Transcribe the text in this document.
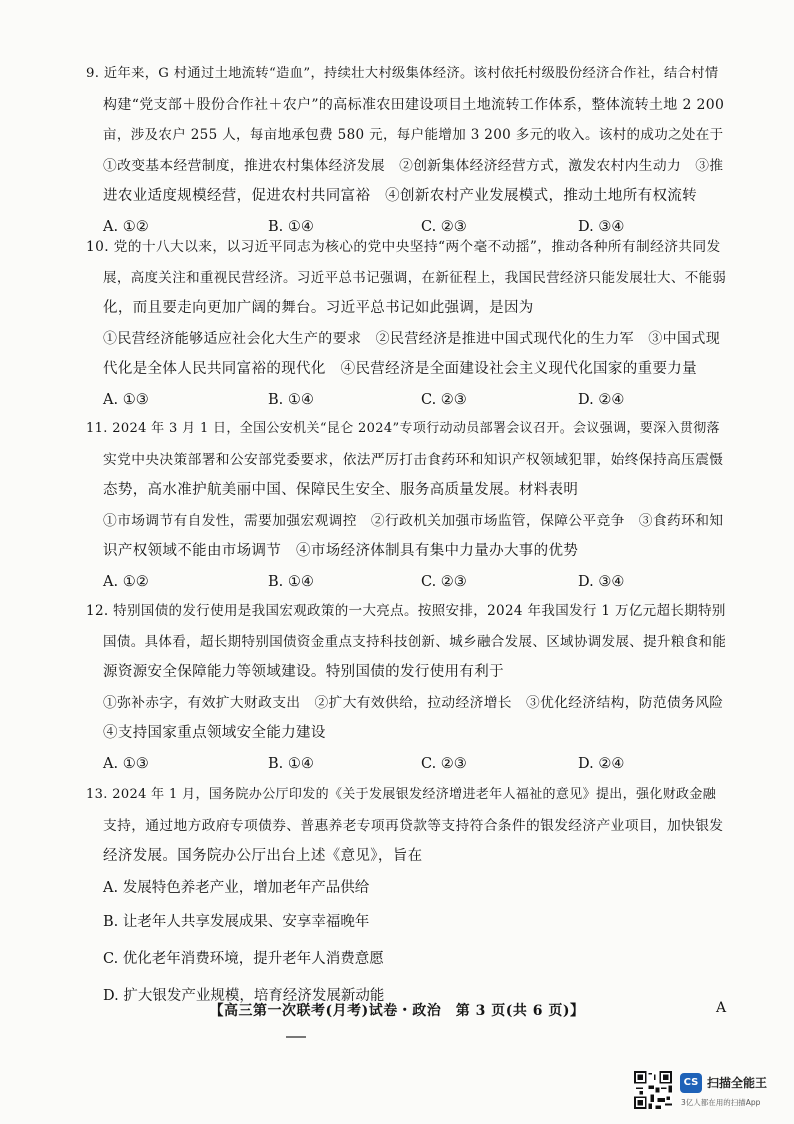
9. 近年来，G 村通过土地流转“造血”，持续壮大村级集体经济。该村依托村级股份经济合作社，结合村情
构建“党支部＋股份合作社＋农户”的高标准农田建设项目土地流转工作体系，整体流转土地 2 200
亩，涉及农户 255 人，每亩地承包费 580 元，每户能增加 3 200 多元的收入。该村的成功之处在于
①改变基本经营制度，推进农村集体经济发展　②创新集体经济经营方式，激发农村内生动力　③推
进农业适度规模经营，促进农村共同富裕　④创新农村产业发展模式，推动土地所有权流转
A. ①②	B. ①④	C. ②③	D. ③④
10. 党的十八大以来，以习近平同志为核心的党中央坚持“两个毫不动摇”，推动各种所有制经济共同发
展，高度关注和重视民营经济。习近平总书记强调，在新征程上，我国民营经济只能发展壮大、不能弱
化，而且要走向更加广阔的舞台。习近平总书记如此强调，是因为
①民营经济能够适应社会化大生产的要求　②民营经济是推进中国式现代化的生力军　③中国式现
代化是全体人民共同富裕的现代化　④民营经济是全面建设社会主义现代化国家的重要力量
A. ①③	B. ①④	C. ②③	D. ②④
11. 2024 年 3 月 1 日，全国公安机关“昆仑 2024”专项行动动员部署会议召开。会议强调，要深入贯彻落
实党中央决策部署和公安部党委要求，依法严厉打击食药环和知识产权领域犯罪，始终保持高压震慑
态势，高水准护航美丽中国、保障民生安全、服务高质量发展。材料表明
①市场调节有自发性，需要加强宏观调控　②行政机关加强市场监管，保障公平竞争　③食药环和知
识产权领域不能由市场调节　④市场经济体制具有集中力量办大事的优势
A. ①②	B. ①④	C. ②③	D. ③④
12. 特别国债的发行使用是我国宏观政策的一大亮点。按照安排，2024 年我国发行 1 万亿元超长期特别
国债。具体看，超长期特别国债资金重点支持科技创新、城乡融合发展、区域协调发展、提升粮食和能
源资源安全保障能力等领域建设。特别国债的发行使用有利于
①弥补赤字，有效扩大财政支出　②扩大有效供给，拉动经济增长　③优化经济结构，防范债务风险
④支持国家重点领域安全能力建设
A. ①③	B. ①④	C. ②③	D. ②④
13. 2024 年 1 月，国务院办公厅印发的《关于发展银发经济增进老年人福祉的意见》提出，强化财政金融
支持，通过地方政府专项债券、普惠养老专项再贷款等支持符合条件的银发经济产业项目，加快银发
经济发展。国务院办公厅出台上述《意见》，旨在
A. 发展特色养老产业，增加老年产品供给
B. 让老年人共享发展成果、安享幸福晚年
C. 优化老年消费环境，提升老年人消费意愿
D. 扩大银发产业规模，培育经济发展新动能
【高三第一次联考(月考)试卷・政治　第 3 页(共 6 页)】	A
CS 扫描全能王
3亿人都在用的扫描App
